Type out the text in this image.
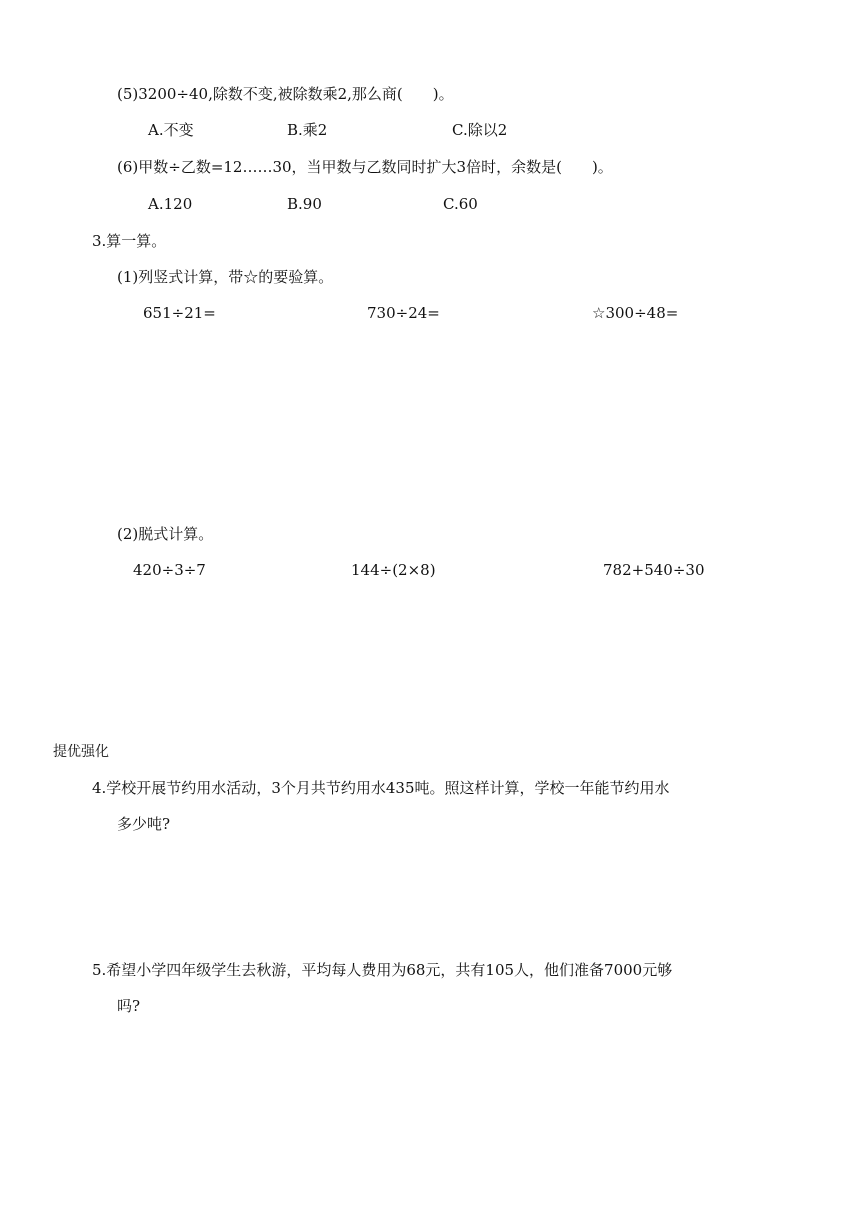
(5)3200÷40,除数不变,被除数乘2,那么商(　　)。
A.不变	B.乘2	C.除以2
(6)甲数÷乙数=12……30，当甲数与乙数同时扩大3倍时，余数是(　　)。
A.120	B.90	C.60
3.算一算。
(1)列竖式计算，带☆的要验算。
651÷21=	730÷24=	☆300÷48=
(2)脱式计算。
420÷3÷7	144÷(2×8)	782+540÷30
提优强化
4.学校开展节约用水活动，3个月共节约用水435吨。照这样计算，学校一年能节约用水
多少吨?
5.希望小学四年级学生去秋游，平均每人费用为68元，共有105人，他们准备7000元够
吗?
